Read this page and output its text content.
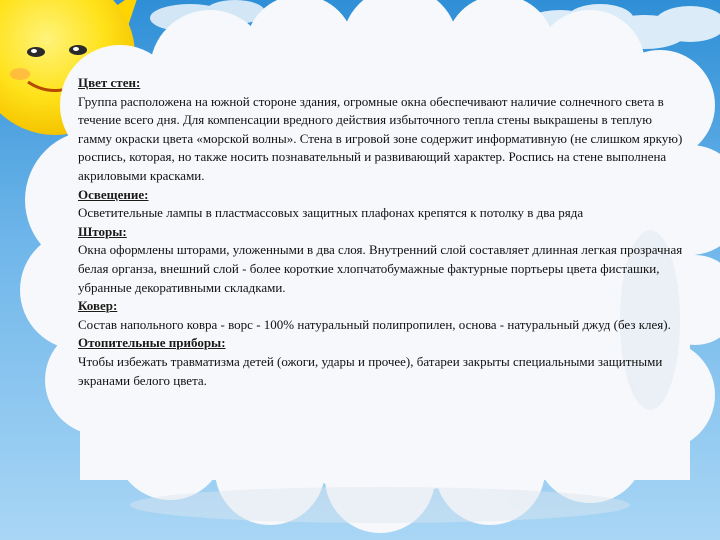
Цвет стен:
Группа расположена на южной стороне здания, огромные окна обеспечивают наличие солнечного света в течение всего дня. Для компенсации вредного действия избыточного тепла стены выкрашены в теплую гамму окраски цвета «морской волны». Стена в игровой зоне содержит информативную (не слишком яркую) роспись, которая, но также носить познавательный и развивающий характер. Роспись на стене выполнена акриловыми красками.
Освещение:
Осветительные лампы в пластмассовых защитных плафонах крепятся к потолку в два ряда
Шторы:
Окна оформлены шторами, уложенными в два слоя. Внутренний слой составляет длинная легкая прозрачная белая органза, внешний слой - более короткие хлопчатобумажные фактурные портьеры цвета фисташки, убранные декоративными складками.
Ковер:
Состав напольного ковра - ворс - 100% натуральный полипропилен, основа - натуральный джуд (без клея).
Отопительные приборы:
Чтобы избежать травматизма детей (ожоги, удары и прочее), батареи закрыты специальными защитными экранами белого цвета.
